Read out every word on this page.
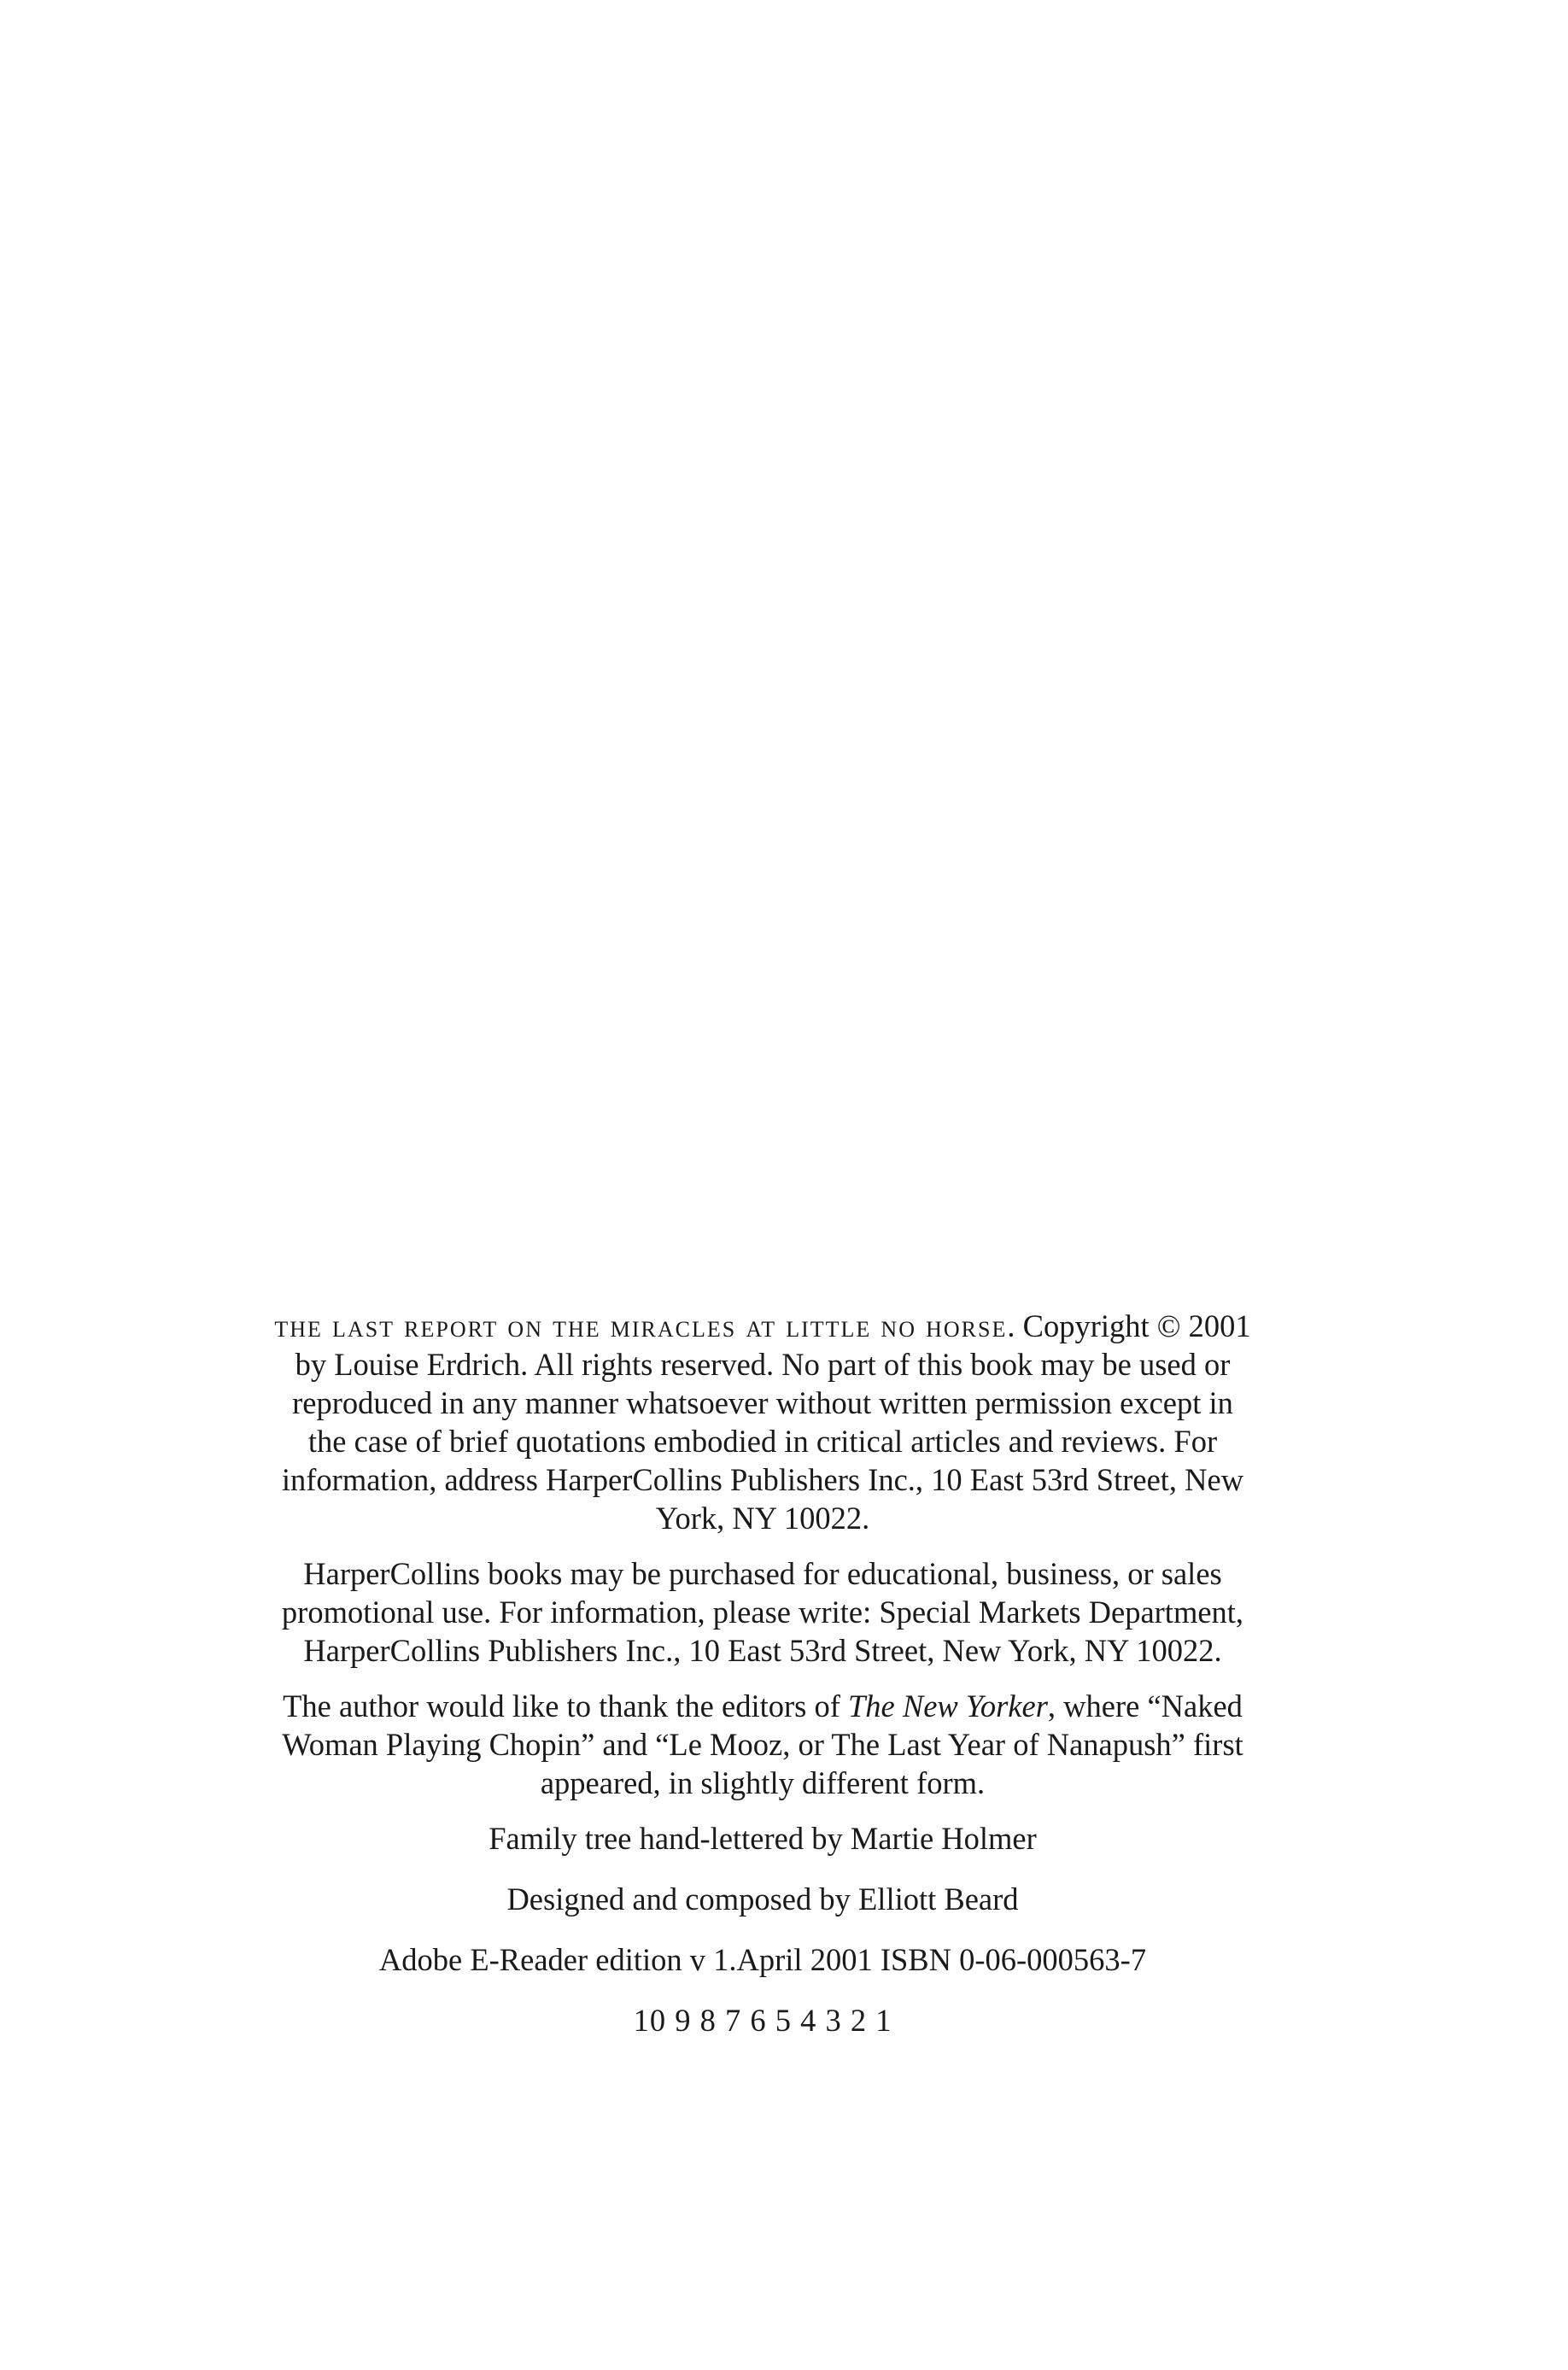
the last report on the miracles at little no horse. Copyright © 2001 by Louise Erdrich. All rights reserved. No part of this book may be used or reproduced in any manner whatsoever without written permission except in the case of brief quotations embodied in critical articles and reviews. For information, address HarperCollins Publishers Inc., 10 East 53rd Street, New York, NY 10022.

HarperCollins books may be purchased for educational, business, or sales promotional use. For information, please write: Special Markets Department, HarperCollins Publishers Inc., 10 East 53rd Street, New York, NY 10022.

The author would like to thank the editors of The New Yorker, where “Naked Woman Playing Chopin” and “Le Mooz, or The Last Year of Nanapush” first appeared, in slightly different form.

Family tree hand-lettered by Martie Holmer

Designed and composed by Elliott Beard

Adobe E-Reader edition v 1.April 2001 ISBN 0-06-000563-7

10 9 8 7 6 5 4 3 2 1
